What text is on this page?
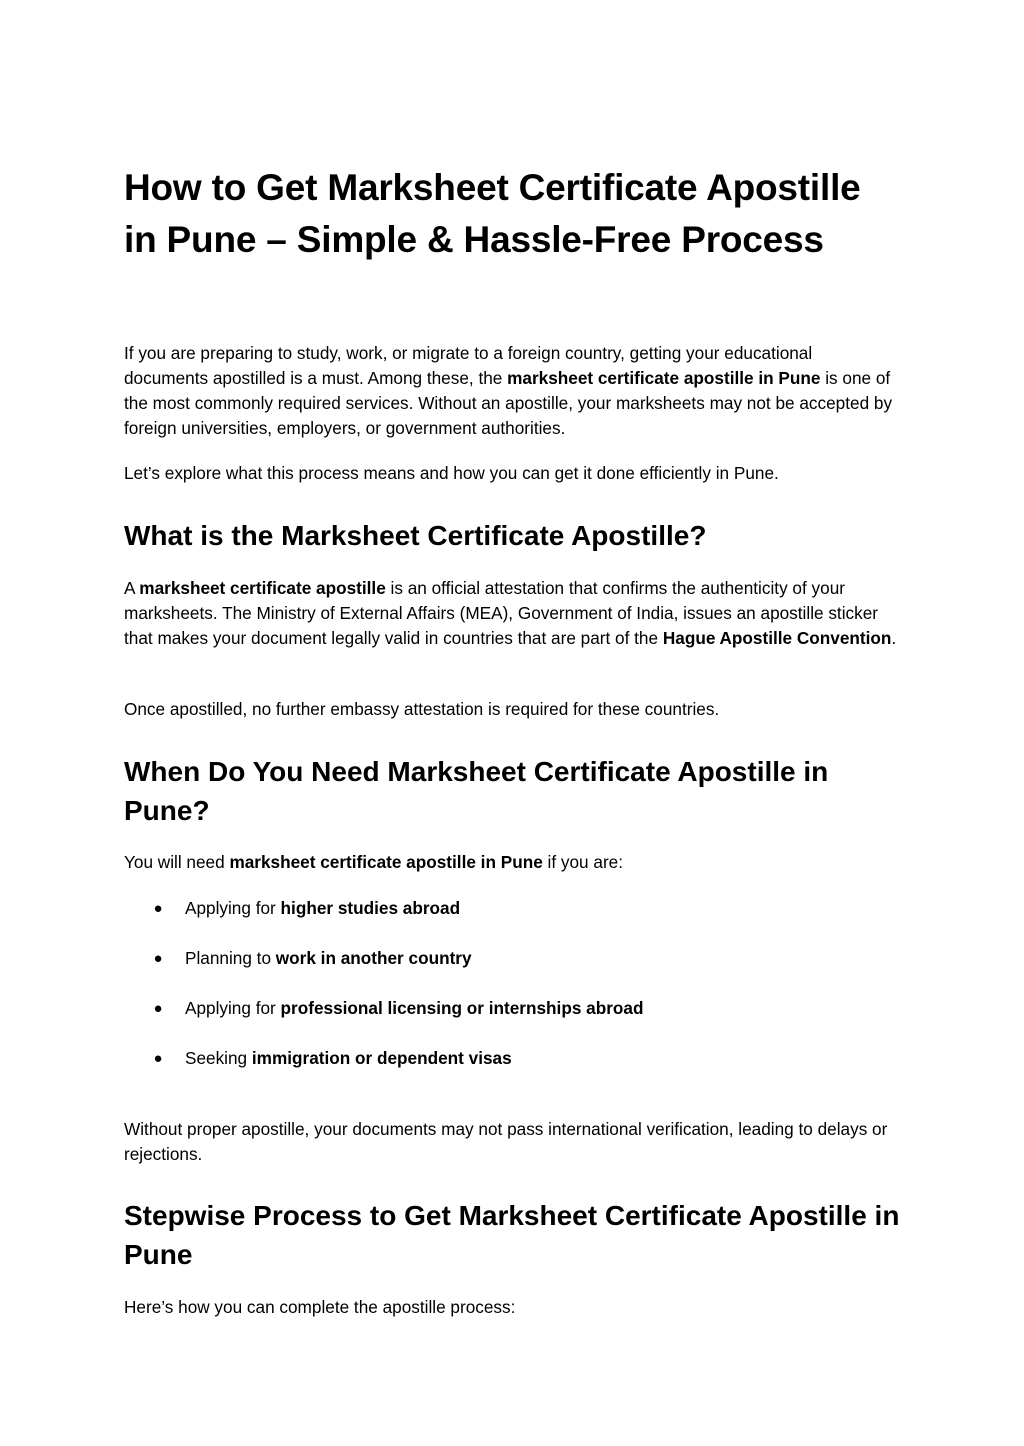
How to Get Marksheet Certificate Apostille in Pune – Simple & Hassle-Free Process

If you are preparing to study, work, or migrate to a foreign country, getting your educational documents apostilled is a must. Among these, the marksheet certificate apostille in Pune is one of the most commonly required services. Without an apostille, your marksheets may not be accepted by foreign universities, employers, or government authorities.

Let’s explore what this process means and how you can get it done efficiently in Pune.

What is the Marksheet Certificate Apostille?

A marksheet certificate apostille is an official attestation that confirms the authenticity of your marksheets. The Ministry of External Affairs (MEA), Government of India, issues an apostille sticker that makes your document legally valid in countries that are part of the Hague Apostille Convention.

Once apostilled, no further embassy attestation is required for these countries.

When Do You Need Marksheet Certificate Apostille in Pune?

You will need marksheet certificate apostille in Pune if you are:

● Applying for higher studies abroad
● Planning to work in another country
● Applying for professional licensing or internships abroad
● Seeking immigration or dependent visas

Without proper apostille, your documents may not pass international verification, leading to delays or rejections.

Stepwise Process to Get Marksheet Certificate Apostille in Pune

Here’s how you can complete the apostille process:
